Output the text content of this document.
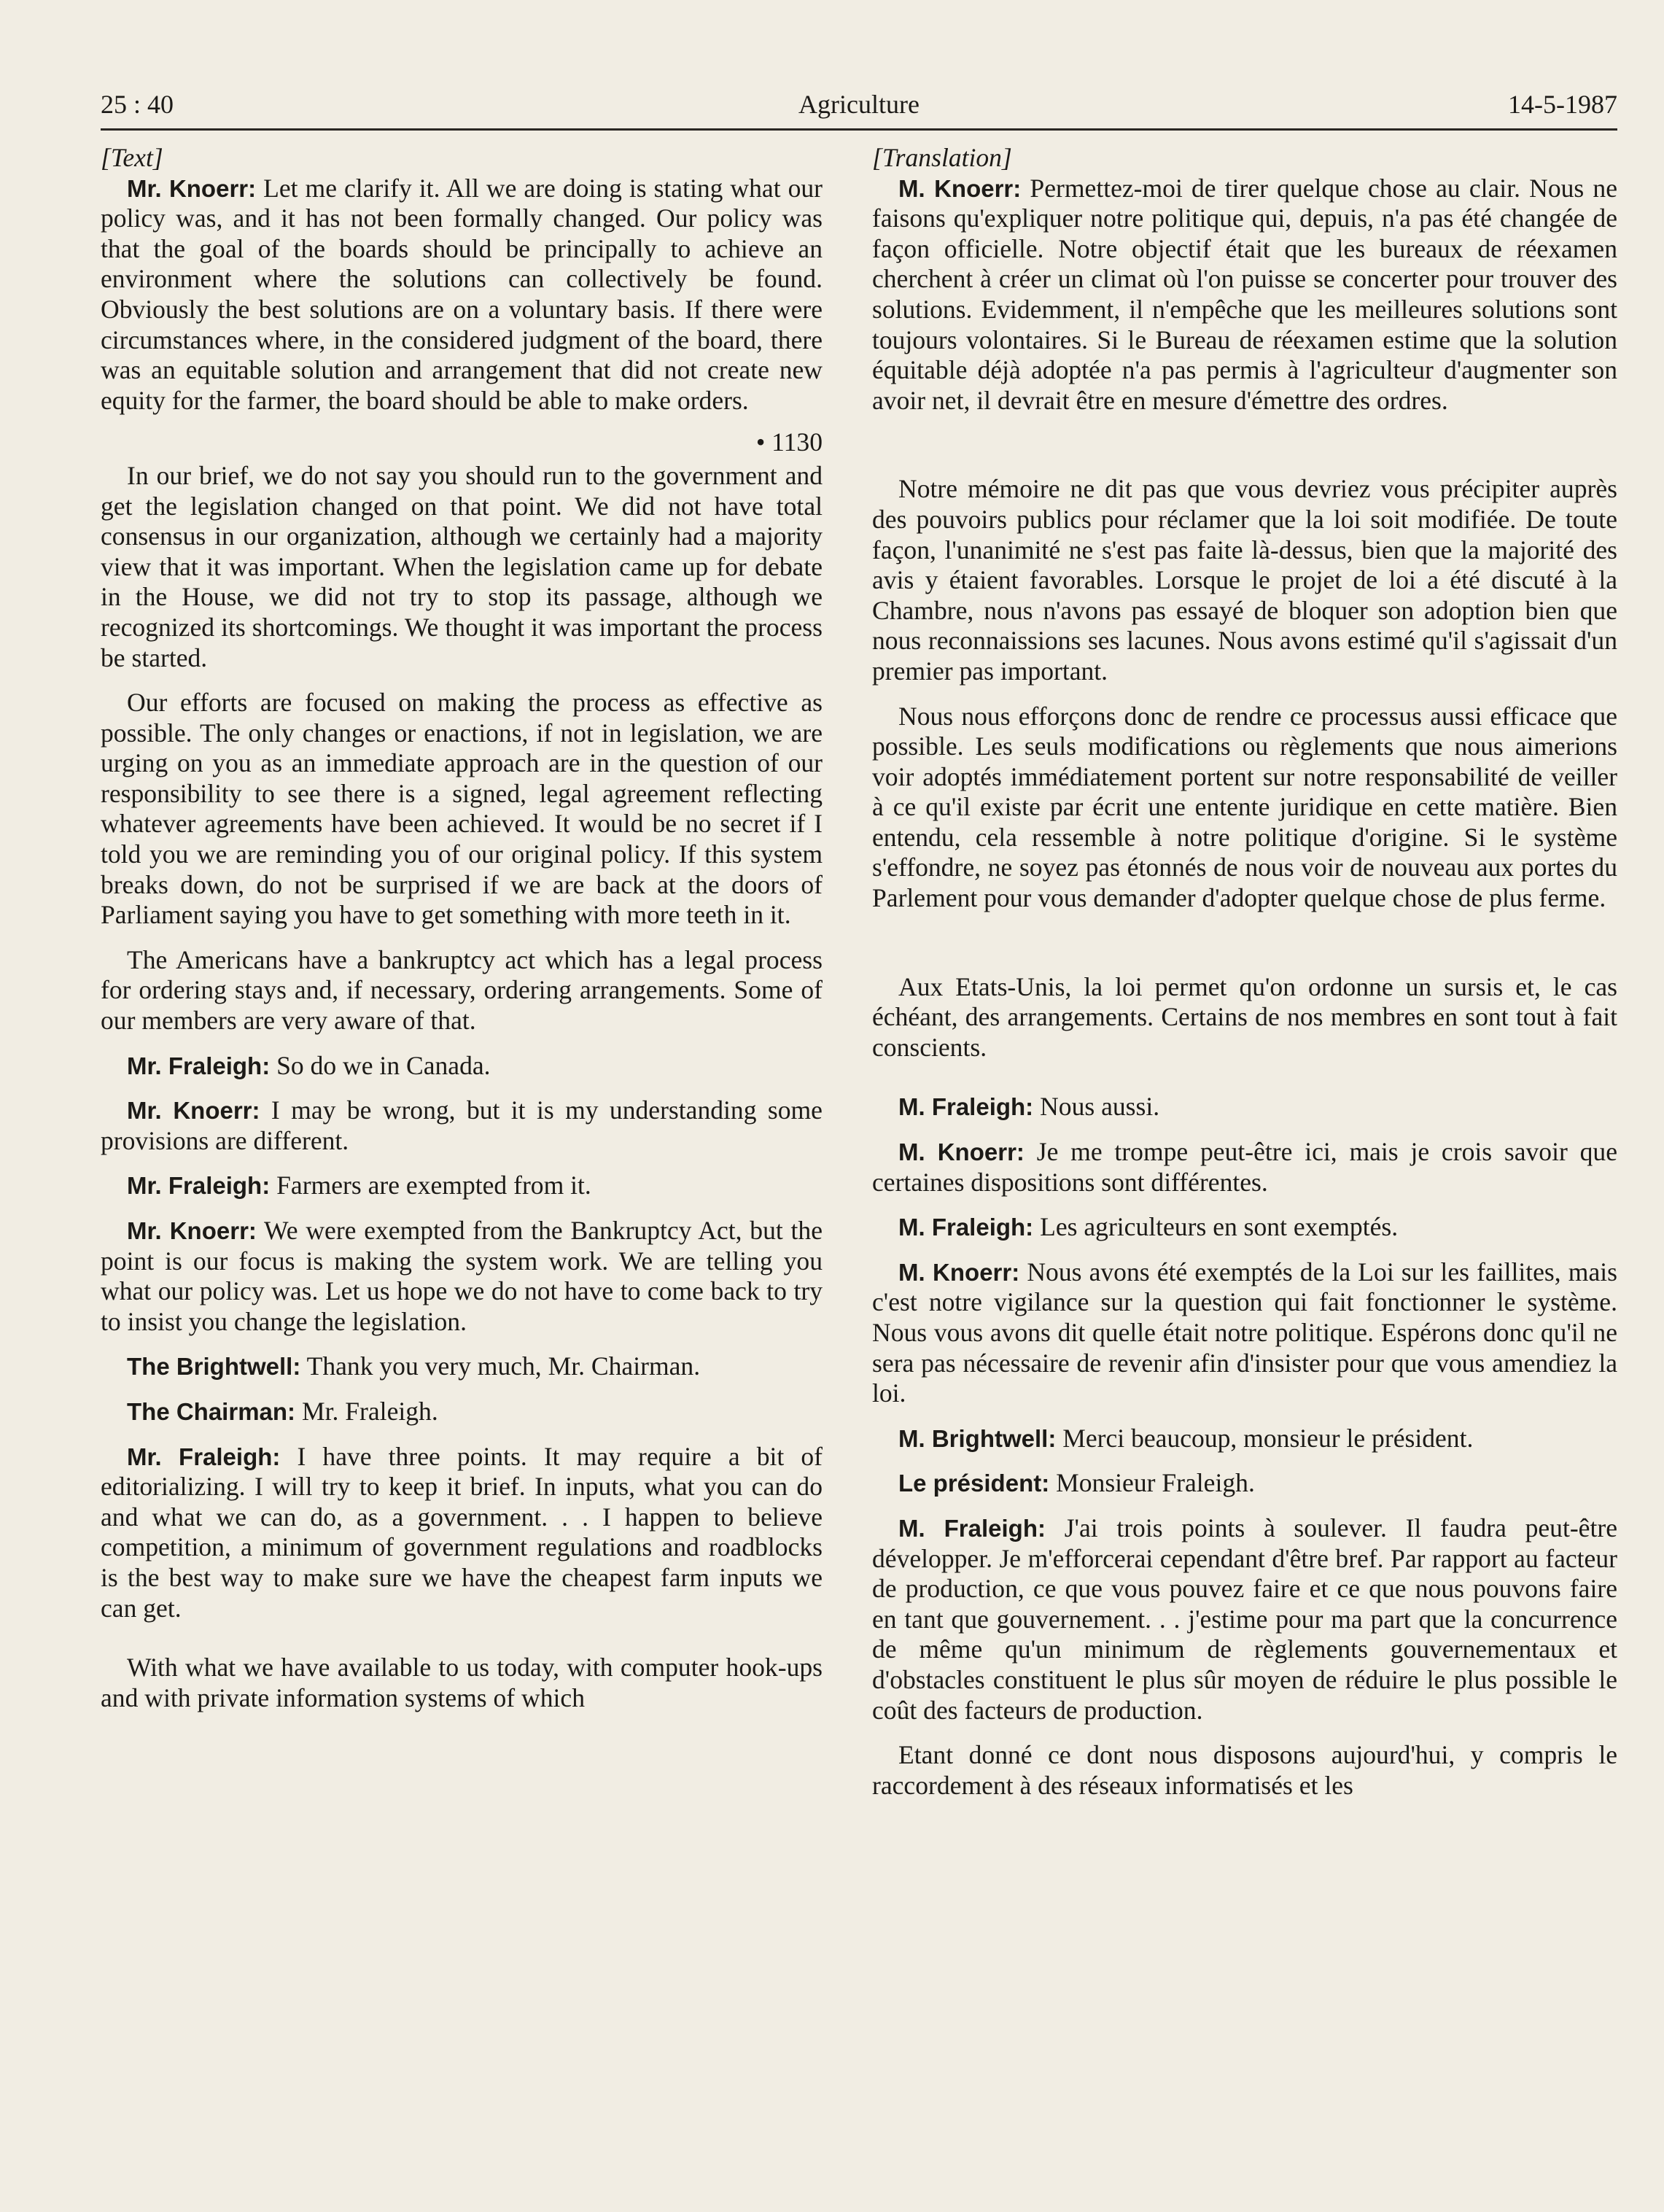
25 : 40	Agriculture	14-5-1987

[Text]

Mr. Knoerr: Let me clarify it. All we are doing is stating what our policy was, and it has not been formally changed. Our policy was that the goal of the boards should be principally to achieve an environment where the solutions can collectively be found. Obviously the best solutions are on a voluntary basis. If there were circumstances where, in the considered judgment of the board, there was an equitable solution and arrangement that did not create new equity for the farmer, the board should be able to make orders.

• 1130

In our brief, we do not say you should run to the government and get the legislation changed on that point. We did not have total consensus in our organization, although we certainly had a majority view that it was important. When the legislation came up for debate in the House, we did not try to stop its passage, although we recognized its shortcomings. We thought it was important the process be started.

Our efforts are focused on making the process as effective as possible. The only changes or enactions, if not in legislation, we are urging on you as an immediate approach are in the question of our responsibility to see there is a signed, legal agreement reflecting whatever agreements have been achieved. It would be no secret if I told you we are reminding you of our original policy. If this system breaks down, do not be surprised if we are back at the doors of Parliament saying you have to get something with more teeth in it.

The Americans have a bankruptcy act which has a legal process for ordering stays and, if necessary, ordering arrangements. Some of our members are very aware of that.

Mr. Fraleigh: So do we in Canada.

Mr. Knoerr: I may be wrong, but it is my understanding some provisions are different.

Mr. Fraleigh: Farmers are exempted from it.

Mr. Knoerr: We were exempted from the Bankruptcy Act, but the point is our focus is making the system work. We are telling you what our policy was. Let us hope we do not have to come back to try to insist you change the legislation.

The Brightwell: Thank you very much, Mr. Chairman.

The Chairman: Mr. Fraleigh.

Mr. Fraleigh: I have three points. It may require a bit of editorializing. I will try to keep it brief. In inputs, what you can do and what we can do, as a government. . . I happen to believe competition, a minimum of government regulations and roadblocks is the best way to make sure we have the cheapest farm inputs we can get.

With what we have available to us today, with computer hook-ups and with private information systems of which

[Translation]

M. Knoerr: Permettez-moi de tirer quelque chose au clair. Nous ne faisons qu'expliquer notre politique qui, depuis, n'a pas été changée de façon officielle. Notre objectif était que les bureaux de réexamen cherchent à créer un climat où l'on puisse se concerter pour trouver des solutions. Evidemment, il n'empêche que les meilleures solutions sont toujours volontaires. Si le Bureau de réexamen estime que la solution équitable déjà adoptée n'a pas permis à l'agriculteur d'augmenter son avoir net, il devrait être en mesure d'émettre des ordres.

Notre mémoire ne dit pas que vous devriez vous précipiter auprès des pouvoirs publics pour réclamer que la loi soit modifiée. De toute façon, l'unanimité ne s'est pas faite là-dessus, bien que la majorité des avis y étaient favorables. Lorsque le projet de loi a été discuté à la Chambre, nous n'avons pas essayé de bloquer son adoption bien que nous reconnaissions ses lacunes. Nous avons estimé qu'il s'agissait d'un premier pas important.

Nous nous efforçons donc de rendre ce processus aussi efficace que possible. Les seuls modifications ou règlements que nous aimerions voir adoptés immédiatement portent sur notre responsabilité de veiller à ce qu'il existe par écrit une entente juridique en cette matière. Bien entendu, cela ressemble à notre politique d'origine. Si le système s'effondre, ne soyez pas étonnés de nous voir de nouveau aux portes du Parlement pour vous demander d'adopter quelque chose de plus ferme.

Aux Etats-Unis, la loi permet qu'on ordonne un sursis et, le cas échéant, des arrangements. Certains de nos membres en sont tout à fait conscients.

M. Fraleigh: Nous aussi.

M. Knoerr: Je me trompe peut-être ici, mais je crois savoir que certaines dispositions sont différentes.

M. Fraleigh: Les agriculteurs en sont exemptés.

M. Knoerr: Nous avons été exemptés de la Loi sur les faillites, mais c'est notre vigilance sur la question qui fait fonctionner le système. Nous vous avons dit quelle était notre politique. Espérons donc qu'il ne sera pas nécessaire de revenir afin d'insister pour que vous amendiez la loi.

M. Brightwell: Merci beaucoup, monsieur le président.

Le président: Monsieur Fraleigh.

M. Fraleigh: J'ai trois points à soulever. Il faudra peut-être développer. Je m'efforcerai cependant d'être bref. Par rapport au facteur de production, ce que vous pouvez faire et ce que nous pouvons faire en tant que gouvernement. . . j'estime pour ma part que la concurrence de même qu'un minimum de règlements gouvernementaux et d'obstacles constituent le plus sûr moyen de réduire le plus possible le coût des facteurs de production.

Etant donné ce dont nous disposons aujourd'hui, y compris le raccordement à des réseaux informatisés et les
